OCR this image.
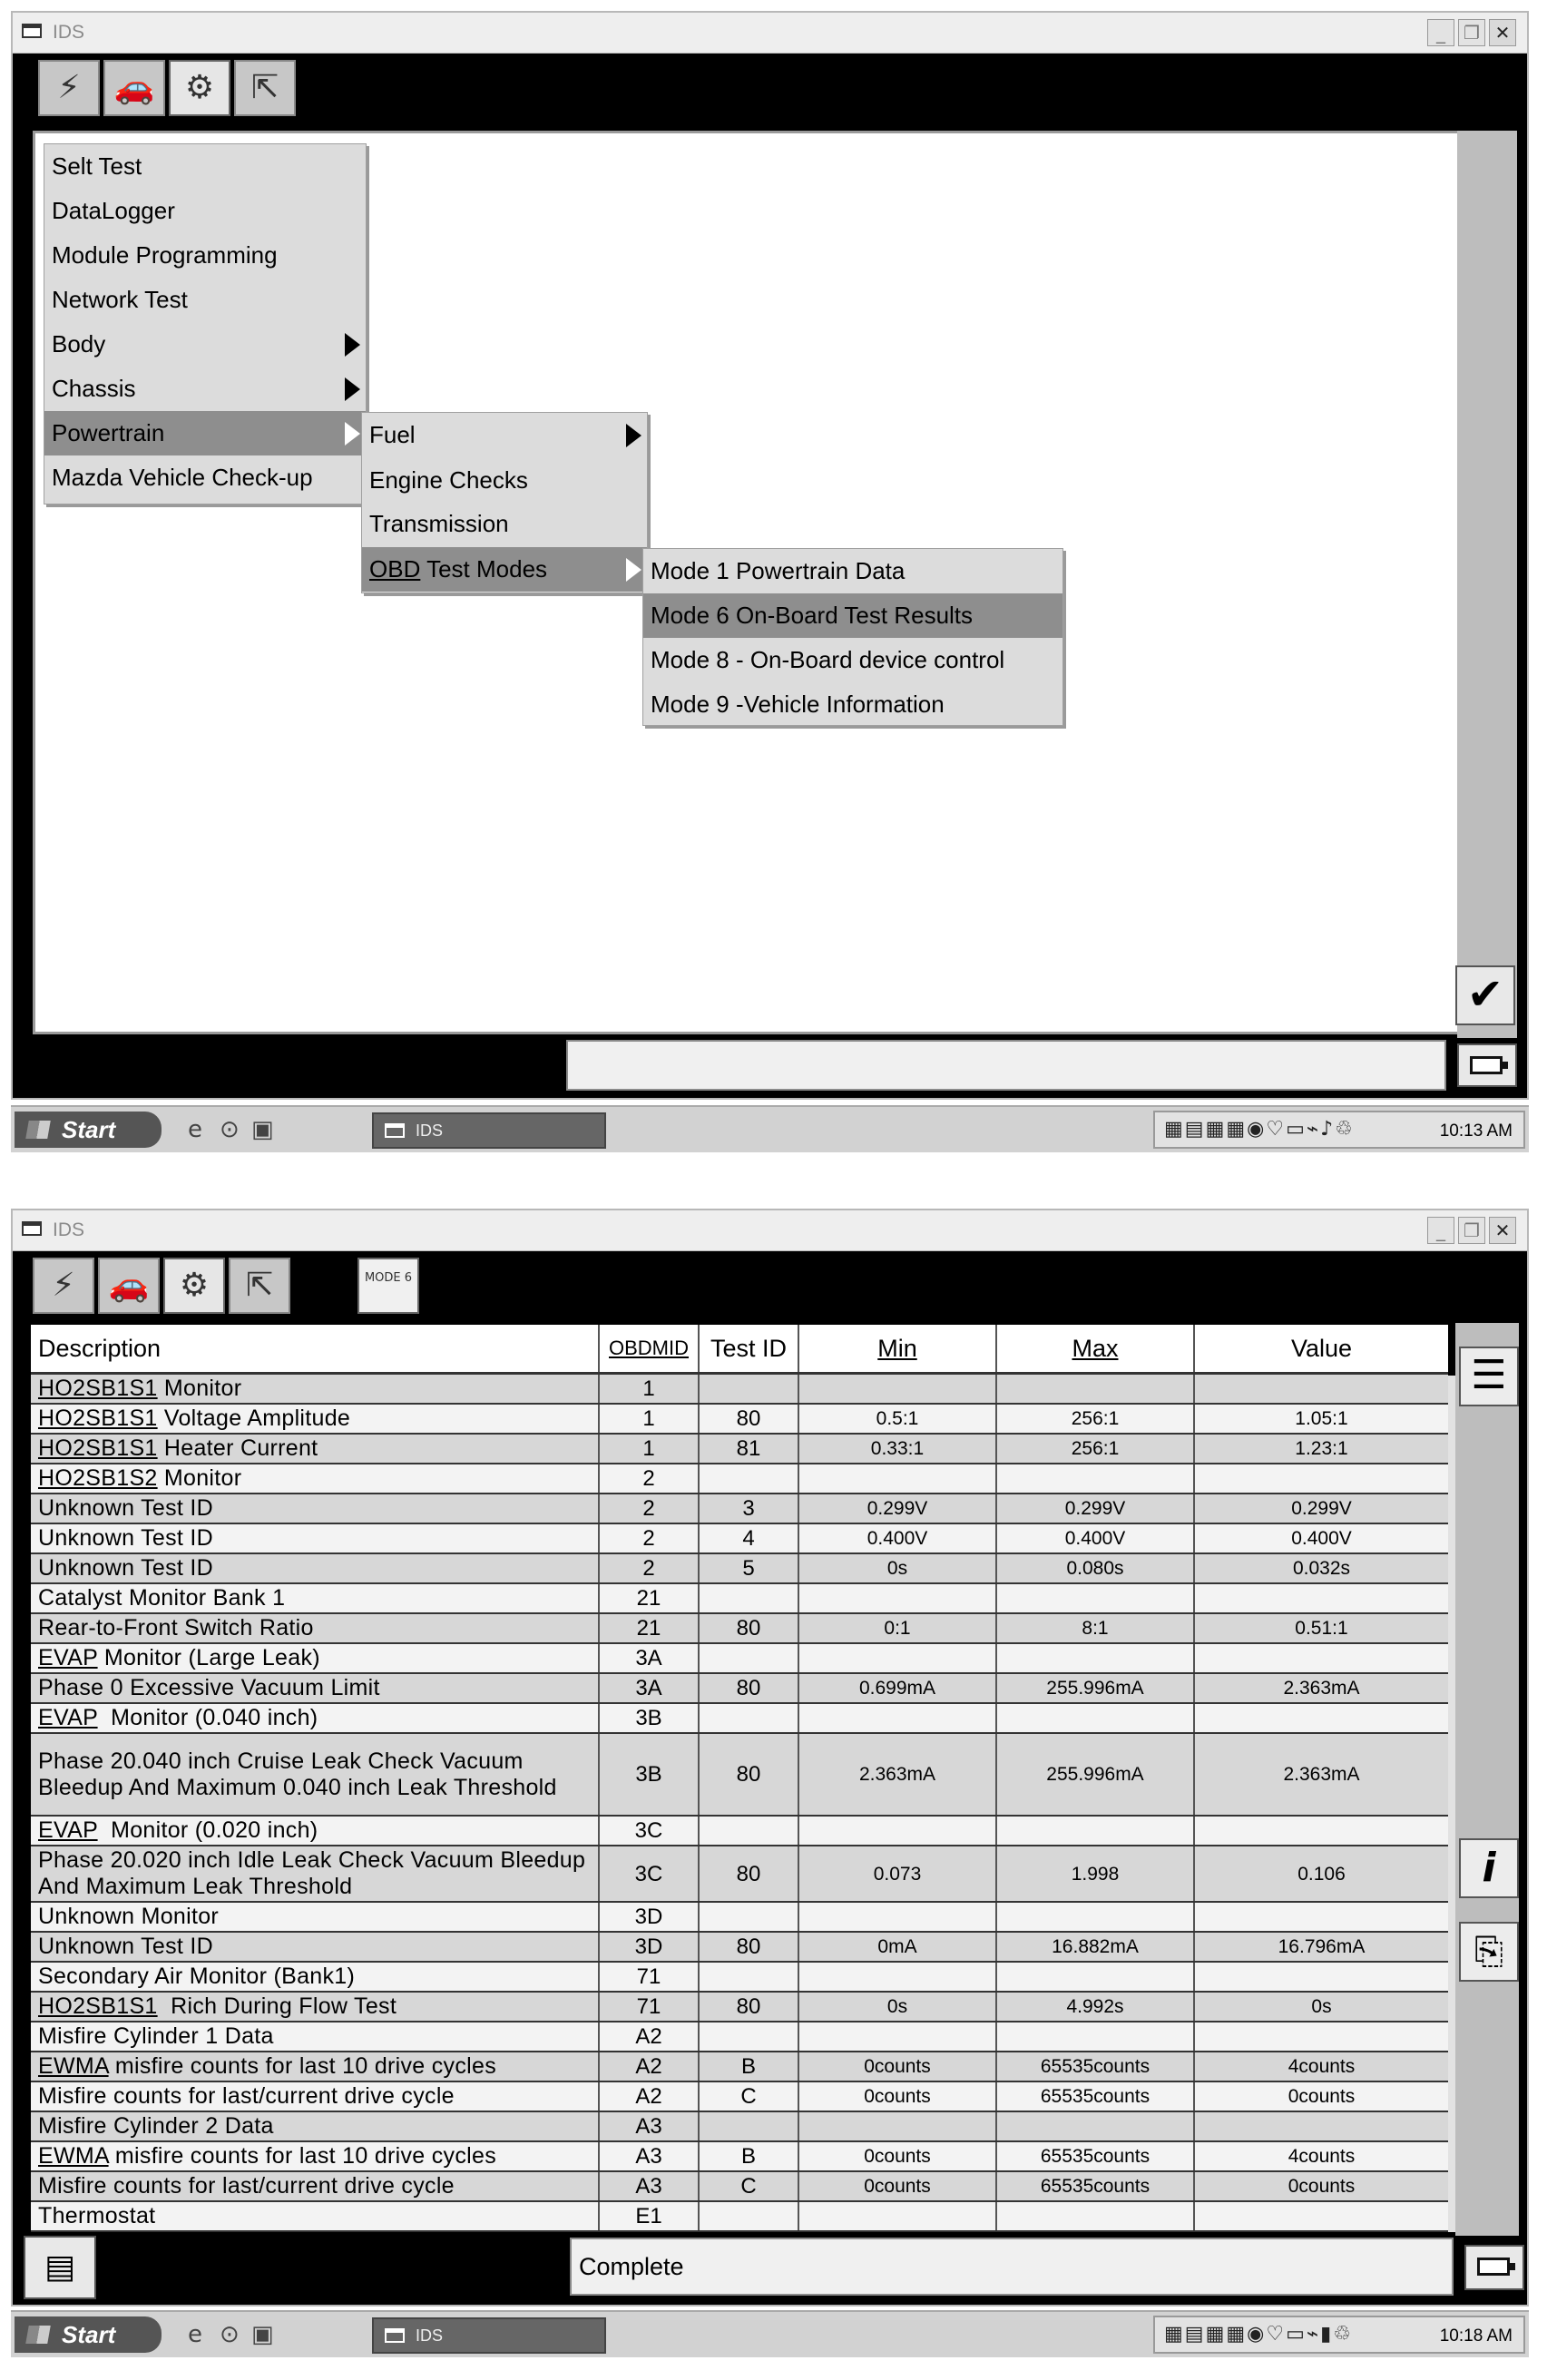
IDS	_	❐ ✕
⚡	🚗 ⚙	⇱
✔
Selt Test
DataLogger
Module Programming
Network Test
Body
Chassis
Powertrain
Mazda Vehicle Check-up
Fuel
Engine Checks
Transmission
OBD Test Modes	Mode 1 Powertrain Data
Mode 6 On-Board Test Results
Mode 8 - On-Board device control
Mode 9 -Vehicle Information
Start	e ⊙ ▣	IDS	▦▤▦▦◉♡▭⌁♪♲	10:13 AM
IDS	_	❐ ✕
⚡	🚗 ⚙	⇱	MODE 6
☰
i
⎘
▤	Complete
Description	OBDMID	Test ID	Min	Max	Value
HO2SB1S1 Monitor	1				
HO2SB1S1 Voltage Amplitude	1	80	0.5:1	256:1	1.05:1
HO2SB1S1 Heater Current	1	81	0.33:1	256:1	1.23:1
HO2SB1S2 Monitor	2				
Unknown Test ID	2	3	0.299V	0.299V	0.299V
Unknown Test ID	2	4	0.400V	0.400V	0.400V
Unknown Test ID	2	5	0s	0.080s	0.032s
Catalyst Monitor Bank 1	21				
Rear-to-Front Switch Ratio	21	80	0:1	8:1	0.51:1
EVAP Monitor (Large Leak)	3A				
Phase 0 Excessive Vacuum Limit	3A	80	0.699mA	255.996mA	2.363mA
EVAP  Monitor (0.040 inch)	3B				
Phase 20.040 inch Cruise Leak Check Vacuum Bleedup And Maximum 0.040 inch Leak Threshold	3B	80	2.363mA	255.996mA	2.363mA
EVAP  Monitor (0.020 inch)	3C				
Phase 20.020 inch Idle Leak Check Vacuum Bleedup And Maximum Leak Threshold	3C	80	0.073	1.998	0.106
Unknown Monitor	3D				
Unknown Test ID	3D	80	0mA	16.882mA	16.796mA
Secondary Air Monitor (Bank1)	71				
HO2SB1S1  Rich During Flow Test	71	80	0s	4.992s	0s
Misfire Cylinder 1 Data	A2				
EWMA misfire counts for last 10 drive cycles	A2	B	0counts	65535counts	4counts
Misfire counts for last/current drive cycle	A2	C	0counts	65535counts	0counts
Misfire Cylinder 2 Data	A3				
EWMA misfire counts for last 10 drive cycles	A3	B	0counts	65535counts	4counts
Misfire counts for last/current drive cycle	A3	C	0counts	65535counts	0counts
Thermostat	E1				
Start	e ⊙ ▣	IDS	▦▤▦▦◉♡▭⌁▮♲	10:18 AM
